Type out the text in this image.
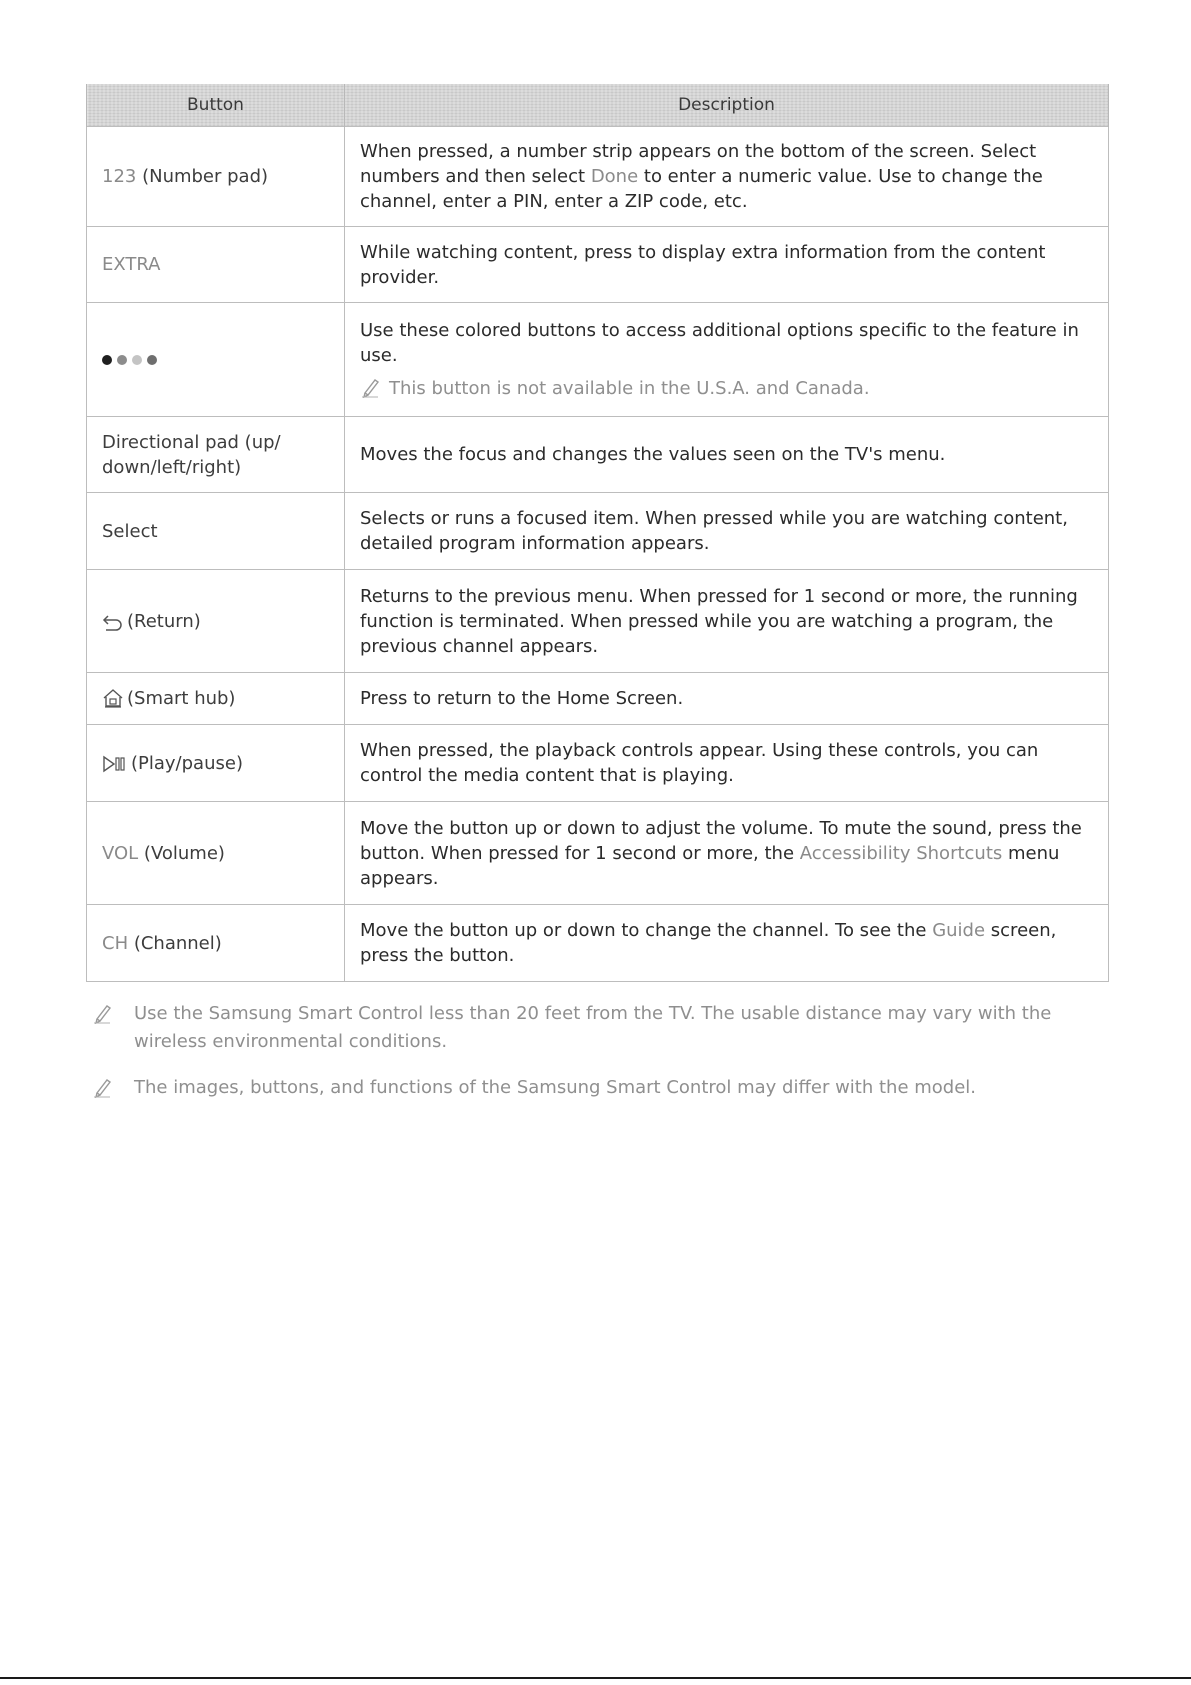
Button	Description
123 (Number pad)	When pressed, a number strip appears on the bottom of the screen. Select numbers and then select Done to enter a numeric value. Use to change the channel, enter a PIN, enter a ZIP code, etc.
EXTRA	While watching content, press to display extra information from the content provider.

	Use these colored buttons to access additional options specific to the feature in use.
This button is not available in the U.S.A. and Canada.

Directional pad (up/ down/left/right)	Moves the focus and changes the values seen on the TV's menu.
Select	Selects or runs a focused item. When pressed while you are watching content, detailed program information appears.
(Return)	Returns to the previous menu. When pressed for 1 second or more, the running function is terminated. When pressed while you are watching a program, the previous channel appears.
(Smart hub)	Press to return to the Home Screen.
(Play/pause)	When pressed, the playback controls appear. Using these controls, you can control the media content that is playing.
VOL (Volume)	Move the button up or down to adjust the volume. To mute the sound, press the button. When pressed for 1 second or more, the Accessibility Shortcuts menu appears.
CH (Channel)	Move the button up or down to change the channel. To see the Guide screen, press the button.
Use the Samsung Smart Control less than 20 feet from the TV. The usable distance may vary with the wireless environmental conditions.
The images, buttons, and functions of the Samsung Smart Control may differ with the model.
